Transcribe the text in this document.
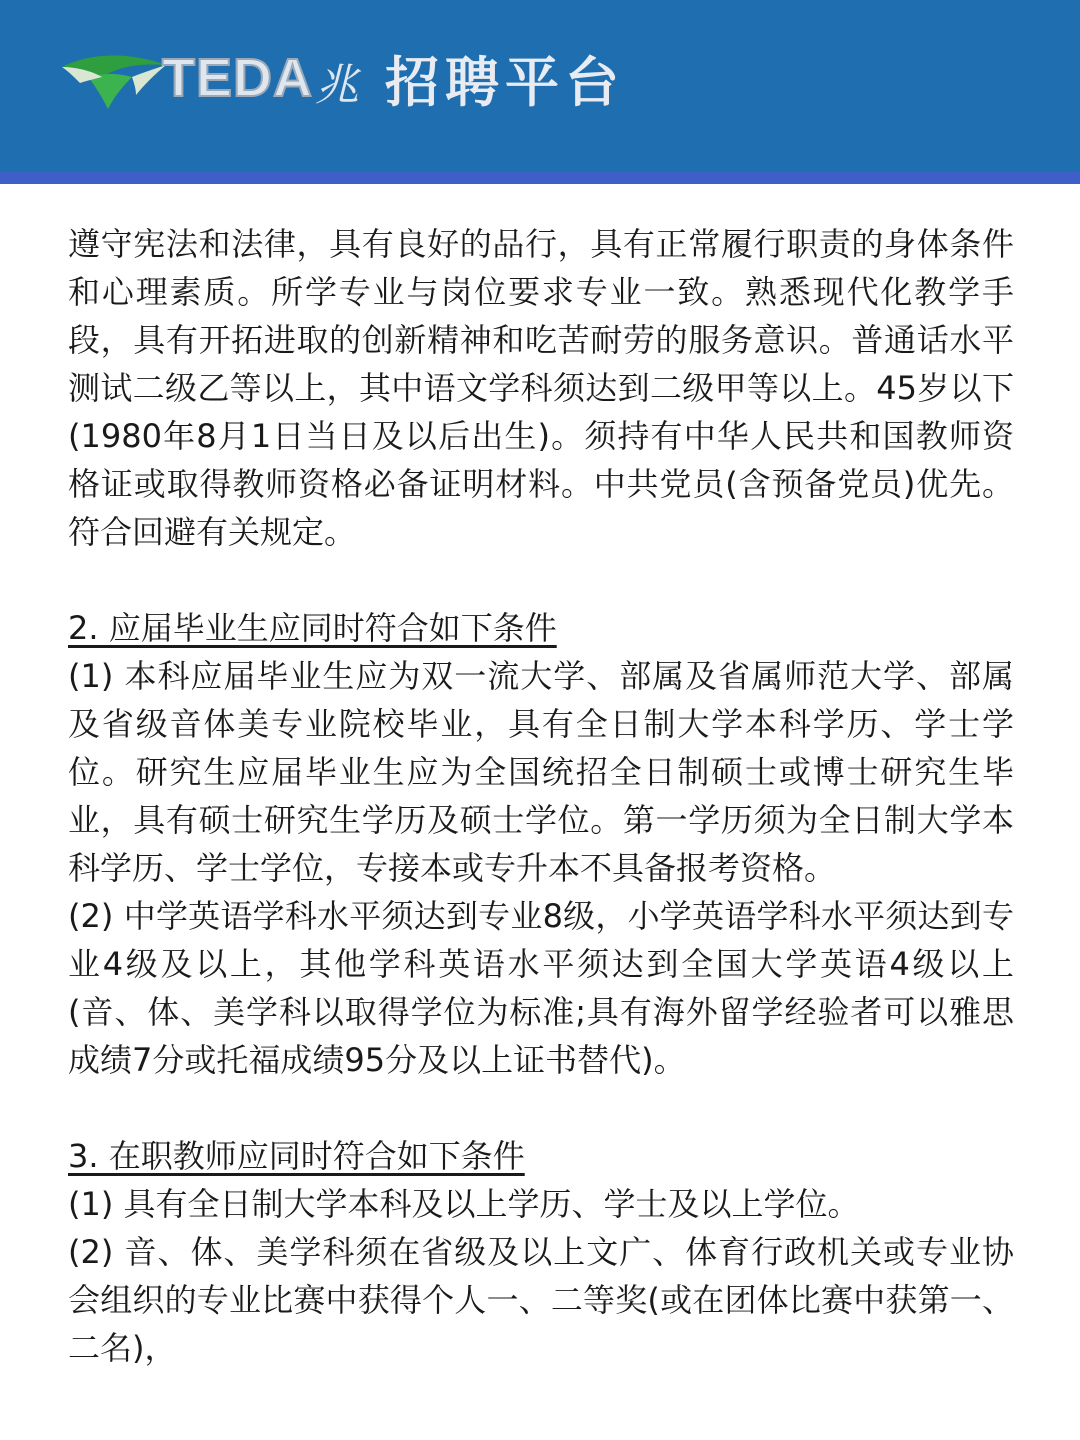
TEDA 兆 招聘平台

遵守宪法和法律，具有良好的品行，具有正常履行职责的身体条件和心理素质。所学专业与岗位要求专业一致。熟悉现代化教学手段，具有开拓进取的创新精神和吃苦耐劳的服务意识。普通话水平测试二级乙等以上，其中语文学科须达到二级甲等以上。45岁以下(1980年8月1日当日及以后出生)。须持有中华人民共和国教师资格证或取得教师资格必备证明材料。中共党员(含预备党员)优先。符合回避有关规定。

2. 应届毕业生应同时符合如下条件

(1) 本科应届毕业生应为双一流大学、部属及省属师范大学、部属及省级音体美专业院校毕业，具有全日制大学本科学历、学士学位。研究生应届毕业生应为全国统招全日制硕士或博士研究生毕业，具有硕士研究生学历及硕士学位。第一学历须为全日制大学本科学历、学士学位，专接本或专升本不具备报考资格。

(2) 中学英语学科水平须达到专业8级，小学英语学科水平须达到专业4级及以上，其他学科英语水平须达到全国大学英语4级以上(音、体、美学科以取得学位为标准;具有海外留学经验者可以雅思成绩7分或托福成绩95分及以上证书替代)。

3. 在职教师应同时符合如下条件

(1) 具有全日制大学本科及以上学历、学士及以上学位。

(2) 音、体、美学科须在省级及以上文广、体育行政机关或专业协会组织的专业比赛中获得个人一、二等奖(或在团体比赛中获第一、二名)，
